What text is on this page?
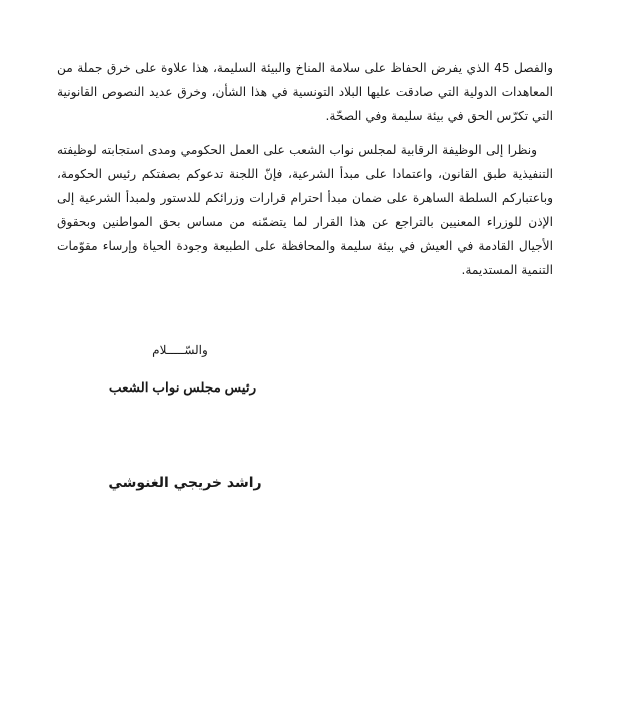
والفصل 45 الذي يفرض الحفاظ على سلامة المناخ والبيئة السليمة، هذا علاوة على خرق جملة من المعاهدات الدولية التي صادقت عليها البلاد التونسية في هذا الشأن، وخرق عديد النصوص القانونية التي تكرّس الحق في بيئة سليمة وفي الصحّة.

ونظرا إلى الوظيفة الرقابية لمجلس نواب الشعب على العمل الحكومي ومدى استجابته لوظيفته التنفيذية طبق القانون، واعتمادا على مبدأ الشرعية، فإنّ اللجنة تدعوكم بصفتكم رئيس الحكومة، وباعتباركم السلطة الساهرة على ضمان مبدأ احترام قرارات وزرائكم للدستور ولمبدأ الشرعية إلى الإذن للوزراء المعنيين بالتراجع عن هذا القرار لما يتضمّنه من مساس بحق المواطنين وبحقوق الأجيال القادمة في العيش في بيئة سليمة والمحافظة على الطبيعة وجودة الحياة وإرساء مقوّمات التنمية المستديمة.

والسّـــــلام

رئيس مجلس نواب الشعب

راشد خريجي الغنوشي
